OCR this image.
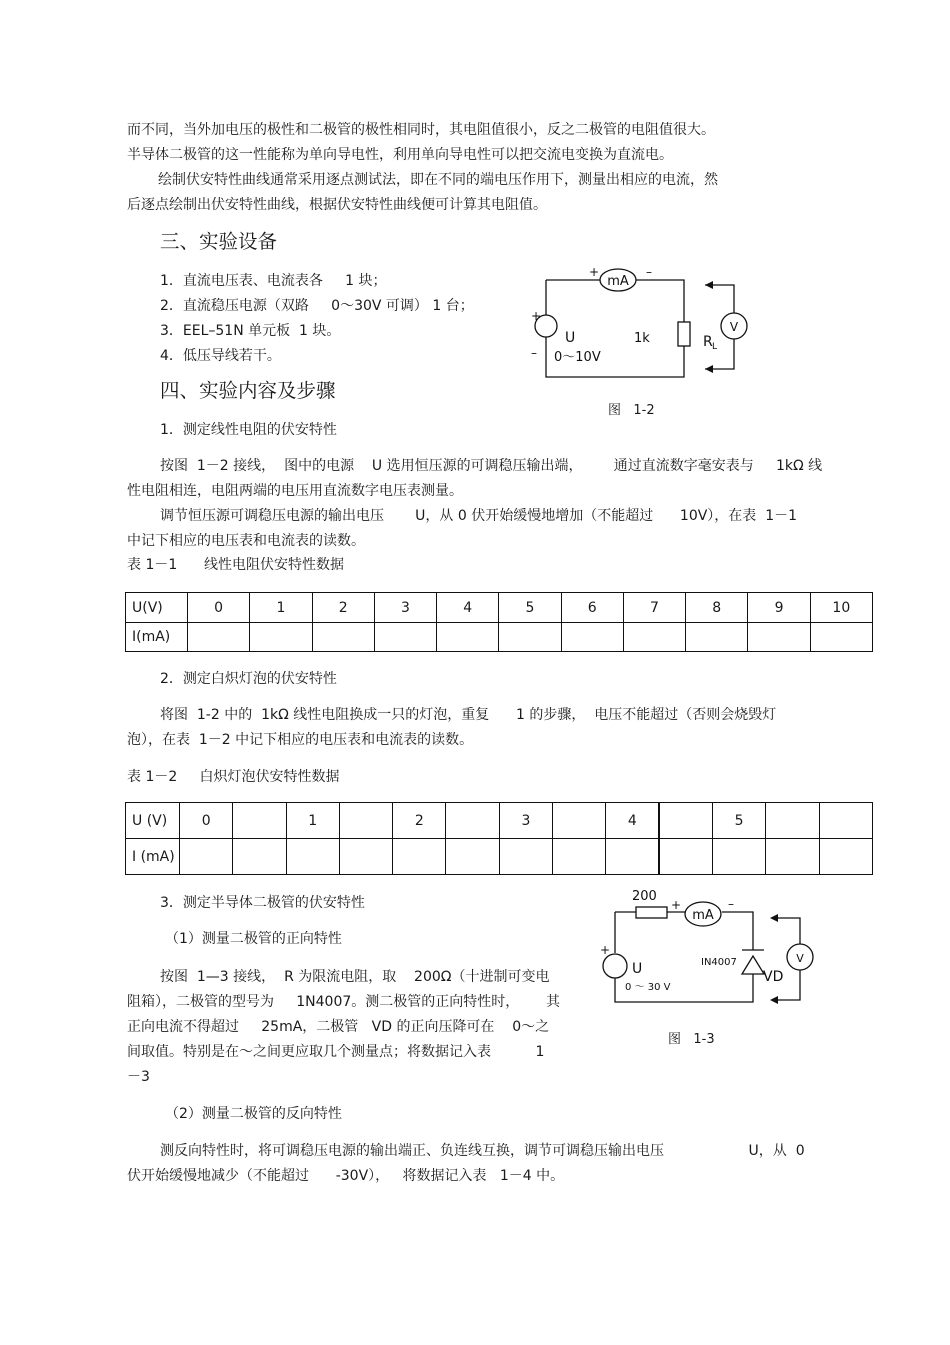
而不同，当外加电压的极性和二极管的极性相同时，其电阻值很小，反之二极管的电阻值很大。
半导体二极管的这一性能称为单向导电性，利用单向导电性可以把交流电变换为直流电。
绘制伏安特性曲线通常采用逐点测试法，即在不同的端电压作用下，测量出相应的电流，然
后逐点绘制出伏安特性曲线，根据伏安特性曲线便可计算其电阻值。
三、实验设备
1．直流电压表、电流表各     1 块；
2．直流稳压电源（双路     0～30V 可调） 1 台；
3．EEL–51N 单元板  1 块。
4．低压导线若干。
mA
+	–
V
+
–
U
0～10V
1k	R L
图   1-2
四、实验内容及步骤
1．测定线性电阻的伏安特性
按图  1－2 接线，  图中的电源    U 选用恒压源的可调稳压输出端，       通过直流数字毫安表与     1kΩ 线
性电阻相连，电阻两端的电压用直流数字电压表测量。
调节恒压源可调稳压电源的输出电压       U，从 0 伏开始缓慢地增加（不能超过      10V），在表  1－1
中记下相应的电压表和电流表的读数。
表 1－1      线性电阻伏安特性数据
U(V)	0	1	2	3	4	5	6	7	8	9	10
I(mA)											
2．测定白炽灯泡的伏安特性
将图  1-2 中的  1kΩ 线性电阻换成一只的灯泡，重复      1 的步骤，  电压不能超过（否则会烧毁灯
泡），在表  1－2 中记下相应的电压表和电流表的读数。
表 1－2     白炽灯泡伏安特性数据
U (V)	0		1		2		3		4		5		
I (mA)													
3．测定半导体二极管的伏安特性
（1）测量二极管的正向特性
按图  1—3 接线，  R 为限流电阻，取    200Ω（十进制可变电
阻箱），二极管的型号为     1N4007。测二极管的正向特性时，      其
正向电流不得超过     25mA，二极管   VD 的正向压降可在    0～之
间取值。特别是在～之间更应取几个测量点；将数据记入表          1
－3
200
mA
+	–
V
+
U
0 ～ 30 V
IN4007
VD
图   1-3
（2）测量二极管的反向特性
测反向特性时，将可调稳压电源的输出端正、负连线互换，调节可调稳压输出电压                   U，从  0
伏开始缓慢地减少（不能超过      -30V），   将数据记入表   1－4 中。
